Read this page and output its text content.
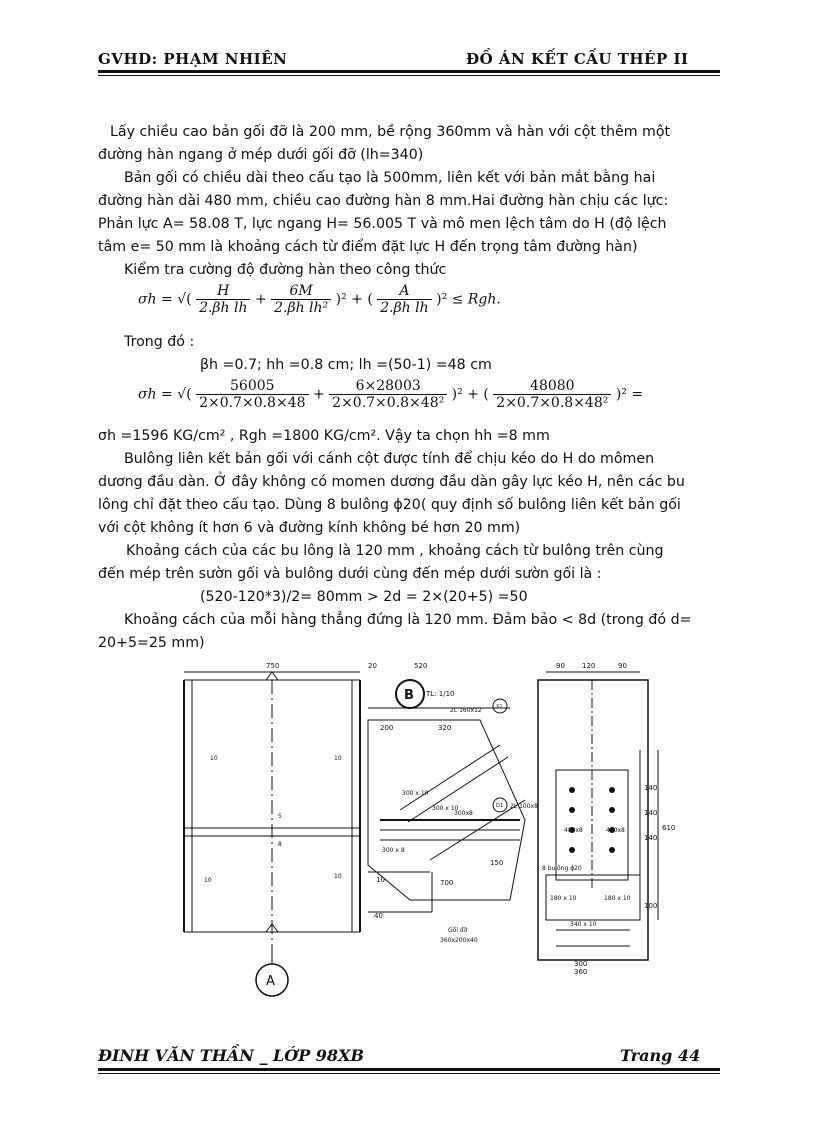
GVHD: PHẠM NHIÊN	ĐỒ ÁN KẾT CẤU THÉP II
Lấy chiều cao bản gối đỡ là 200 mm, bề rộng 360mm và hàn với cột thêm một
đường hàn ngang ở mép dưới gối đỡ (lh=340)
Bản gối có chiều dài theo cấu tạo là 500mm, liên kết với bản mắt bằng hai
đường hàn dài 480 mm, chiều cao đường hàn 8 mm.Hai đường hàn chịu các lực:
Phản lực A= 58.08 T, lực ngang H= 56.005 T và mô men lệch tâm do H (độ lệch
tâm e= 50 mm là khoảng cách từ điểm đặt lực H đến trọng tâm đường hàn)
Kiểm tra cường độ đường hàn theo công thức
σh = √( $\frac{H}{\text{2.βh lh}} + \frac{6M}{\text{2.βh lh²}} )^2$ + ( $\frac{A}{\text{2.βh lh}} )^2$ ≤ Rgh.
Trong đó :
βh =0.7; hh =0.8 cm; lh =(50-1) =48 cm
σh = √( $\frac{56005}{2\times 0.7\times 0.8\times 48} + \frac{6\times 28003}{\text{2×0.7×0.8×48²}} )^2$ + ( $\frac{48080}{\text{2×0.7×0.8×48²}} )^2$ =
σh =1596 KG/cm² , Rgh =1800 KG/cm². Vậy ta chọn hh =8 mm
Bulông liên kết bản gối với cánh cột được tính để chịu kéo do H do mômen
dương đầu dàn. Ở đây không có momen dương đầu dàn gây lực kéo H, nên các bu
lông chỉ đặt theo cấu tạo. Dùng 8 bulông ϕ20( quy định số bulông liên kết bản gối
với cột không ít hơn 6 và đường kính không bé hơn 20 mm)
Khoảng cách của các bu lông là 120 mm , khoảng cách từ bulông trên cùng
đến mép trên sườn gối và bulông dưới cùng đến mép dưới sườn gối là :
(520-120*3)/2= 80mm > 2d = 2×(20+5) =50
Khoảng cách của mỗi hàng thẳng đứng là 120 mm. Đảm bảo < 8d (trong đó d=
20+5=25 mm)
750	20	520	90 120	90
200	320
150
10
40
300
360
700
100
140
140
140
610
B TL: 1/10
A
X1
D1
2L 160x12
2L 100x8
300 x 10
300 x 10
300x8
300 x 8
Gối đỡ
360x200x40
8 bulông ϕ20
480x8	480x8
180 x 10	180 x 10
340 x 10
10	10
10
10
5
8
ĐINH VĂN THẦN _ LỚP 98XB	Trang 44
